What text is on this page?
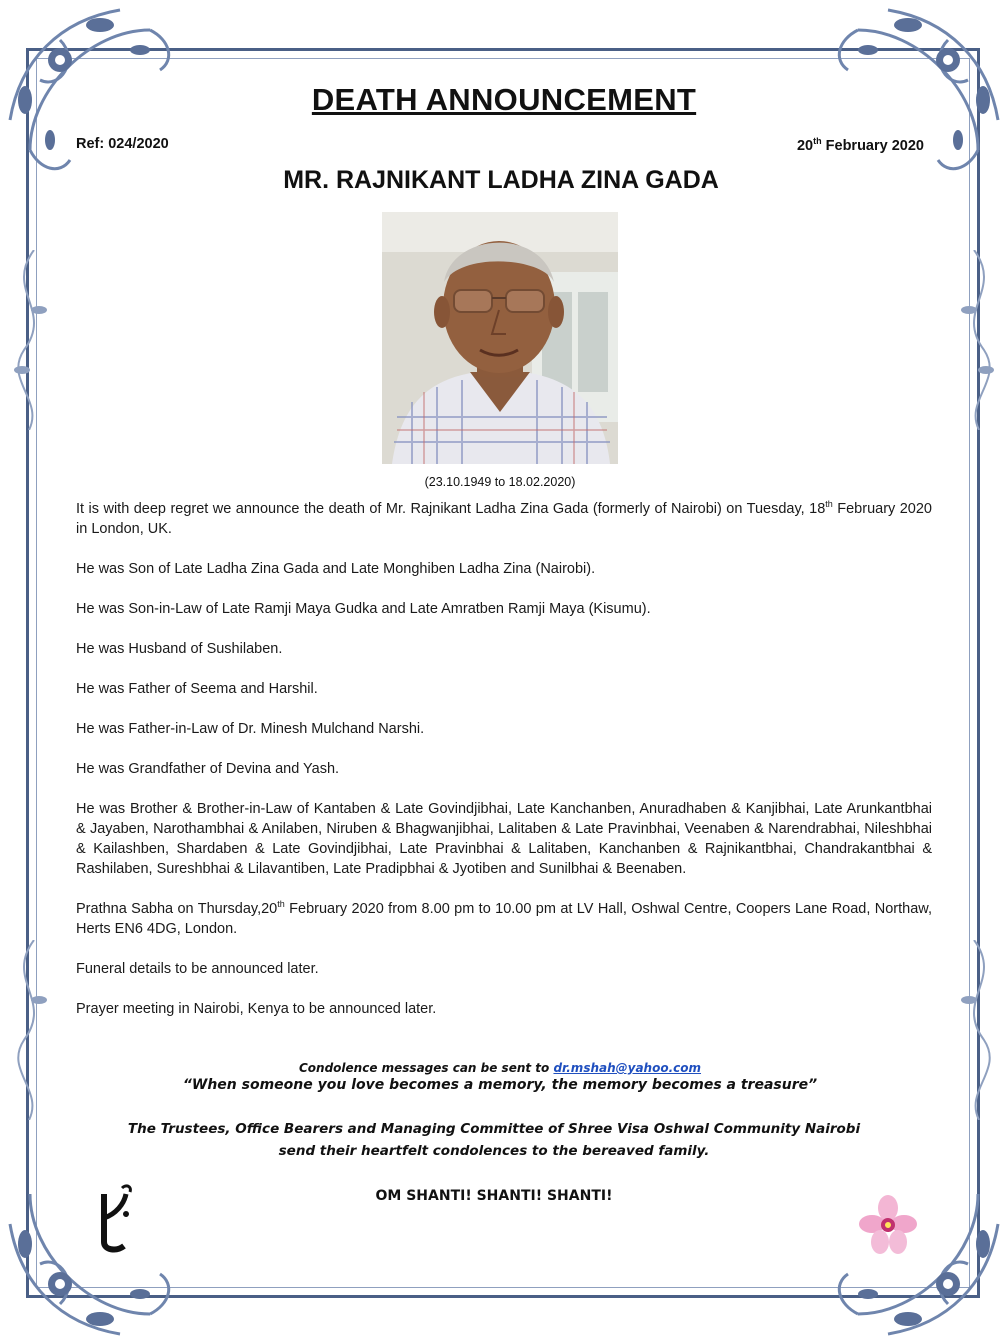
DEATH ANNOUNCEMENT
Ref: 024/2020	20th February 2020
MR. RAJNIKANT LADHA ZINA GADA
(23.10.1949 to 18.02.2020)

It is with deep regret we announce the death of Mr. Rajnikant Ladha Zina Gada (formerly of Nairobi) on Tuesday, 18th February 2020 in London, UK.

He was Son of Late Ladha Zina Gada and Late Monghiben Ladha Zina (Nairobi).

He was Son-in-Law of Late Ramji Maya Gudka and Late Amratben Ramji Maya (Kisumu).

He was Husband of Sushilaben.

He was Father of Seema and Harshil.

He was Father-in-Law of Dr. Minesh Mulchand Narshi.

He was Grandfather of Devina and Yash.

He was Brother & Brother-in-Law of Kantaben & Late Govindjibhai, Late Kanchanben, Anuradhaben & Kanjibhai, Late Arunkantbhai & Jayaben, Narothambhai & Anilaben, Niruben & Bhagwanjibhai, Lalitaben & Late Pravinbhai, Veenaben & Narendrabhai, Nileshbhai & Kailashben, Shardaben & Late Govindjibhai, Late Pravinbhai & Lalitaben, Kanchanben & Rajnikantbhai, Chandrakantbhai & Rashilaben, Sureshbhai & Lilavantiben, Late Pradipbhai & Jyotiben and Sunilbhai & Beenaben.

Prathna Sabha on Thursday,20th February 2020 from 8.00 pm to 10.00 pm at LV Hall, Oshwal Centre, Coopers Lane Road, Northaw, Herts EN6 4DG, London.

Funeral details to be announced later.

Prayer meeting in Nairobi, Kenya to be announced later.

Condolence messages can be sent to dr.mshah@yahoo.com
“When someone you love becomes a memory, the memory becomes a treasure”
The Trustees, Office Bearers and Managing Committee of Shree Visa Oshwal Community Nairobi
send their heartfelt condolences to the bereaved family.
OM SHANTI! SHANTI! SHANTI!
